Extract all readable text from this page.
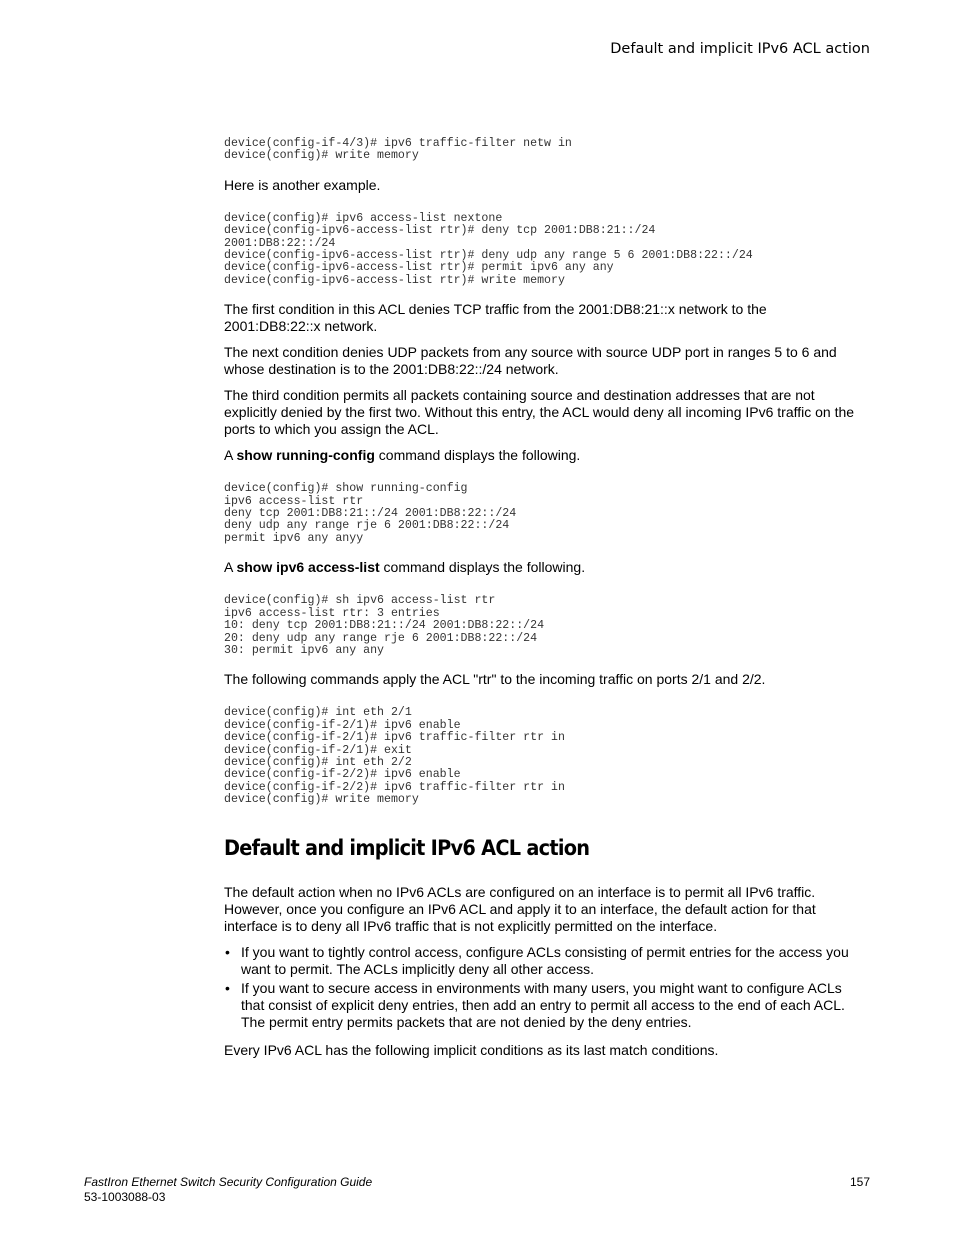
Default and implicit IPv6 ACL action
device(config-if-4/3)# ipv6 traffic-filter netw in
device(config)# write memory

Here is another example.

device(config)# ipv6 access-list nextone
device(config-ipv6-access-list rtr)# deny tcp 2001:DB8:21::/24
2001:DB8:22::/24
device(config-ipv6-access-list rtr)# deny udp any range 5 6 2001:DB8:22::/24
device(config-ipv6-access-list rtr)# permit ipv6 any any
device(config-ipv6-access-list rtr)# write memory

The first condition in this ACL denies TCP traffic from the 2001:DB8:21::x network to the 2001:DB8:22::x network.

The next condition denies UDP packets from any source with source UDP port in ranges 5 to 6 and whose destination is to the 2001:DB8:22::/24 network.

The third condition permits all packets containing source and destination addresses that are not explicitly denied by the first two. Without this entry, the ACL would deny all incoming IPv6 traffic on the ports to which you assign the ACL.

A show running-config command displays the following.

device(config)# show running-config
ipv6 access-list rtr
deny tcp 2001:DB8:21::/24 2001:DB8:22::/24
deny udp any range rje 6 2001:DB8:22::/24
permit ipv6 any anyy

A show ipv6 access-list command displays the following.

device(config)# sh ipv6 access-list rtr
ipv6 access-list rtr: 3 entries
10: deny tcp 2001:DB8:21::/24 2001:DB8:22::/24
20: deny udp any range rje 6 2001:DB8:22::/24
30: permit ipv6 any any

The following commands apply the ACL "rtr" to the incoming traffic on ports 2/1 and 2/2.

device(config)# int eth 2/1
device(config-if-2/1)# ipv6 enable
device(config-if-2/1)# ipv6 traffic-filter rtr in
device(config-if-2/1)# exit
device(config)# int eth 2/2
device(config-if-2/2)# ipv6 enable
device(config-if-2/2)# ipv6 traffic-filter rtr in
device(config)# write memory
Default and implicit IPv6 ACL action

The default action when no IPv6 ACLs are configured on an interface is to permit all IPv6 traffic. However, once you configure an IPv6 ACL and apply it to an interface, the default action for that interface is to deny all IPv6 traffic that is not explicitly permitted on the interface.

• If you want to tightly control access, configure ACLs consisting of permit entries for the access you want to permit. The ACLs implicitly deny all other access.
• If you want to secure access in environments with many users, you might want to configure ACLs that consist of explicit deny entries, then add an entry to permit all access to the end of each ACL. The permit entry permits packets that are not denied by the deny entries.

Every IPv6 ACL has the following implicit conditions as its last match conditions.

FastIron Ethernet Switch Security Configuration Guide
53-1003088-03
157
